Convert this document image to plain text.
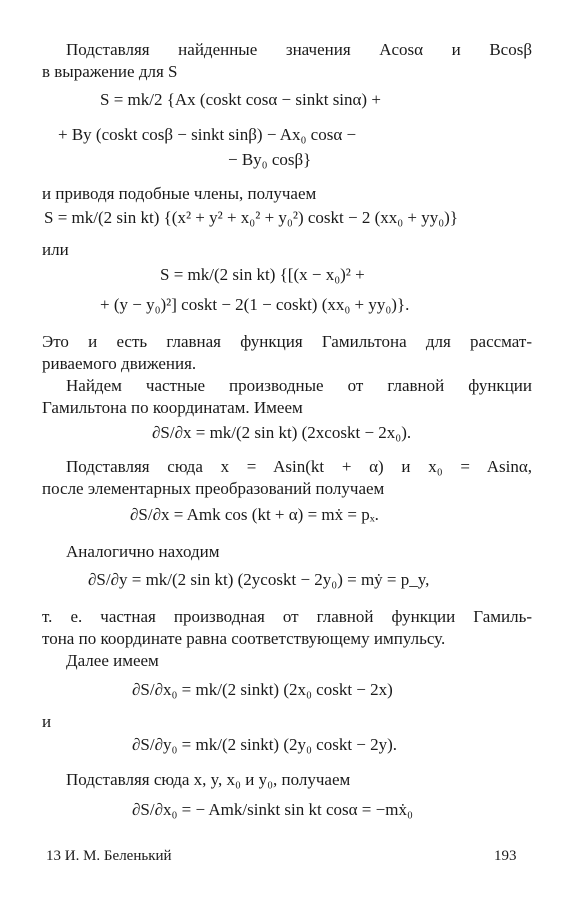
Подставляя найденные значения Acosα и Bcosβ

в выражение для S

S = mk/2 {Ax (coskt cosα − sinkt sinα) +
+ By (coskt cosβ − sinkt sinβ) − Ax₀ cosα −
− By₀ cosβ}

и приводя подобные члены, получаем

S = mk/(2 sin kt) {(x² + y² + x₀² + y₀²) coskt − 2 (xx₀ + yy₀)}

или

S = mk/(2 sin kt) {[(x − x₀)² +
+ (y − y₀)²] coskt − 2(1 − coskt) (xx₀ + yy₀)}.

Это и есть главная функция Гамильтона для рассмат-

риваемого движения.

Найдем частные производные от главной функции

Гамильтона по координатам. Имеем

∂S/∂x = mk/(2 sin kt) (2xcoskt − 2x₀).

Подставляя сюда x = Asin(kt + α) и x₀ = Asinα,

после элементарных преобразований получаем

∂S/∂x = Amk cos (kt + α) = mẋ = pₓ.

Аналогично находим

∂S/∂y = mk/(2 sin kt) (2ycoskt − 2y₀) = mẏ = p_y,

т. е. частная производная от главной функции Гамиль-

тона по координате равна соответствующему импульсу.

Далее имеем

∂S/∂x₀ = mk/(2 sinkt) (2x₀ coskt − 2x)

и

∂S/∂y₀ = mk/(2 sinkt) (2y₀ coskt − 2y).

Подставляя сюда x, y, x₀ и y₀, получаем

∂S/∂x₀ = − Amk/sinkt sin kt cosα = −mẋ₀
13 И. М. Беленький	193
